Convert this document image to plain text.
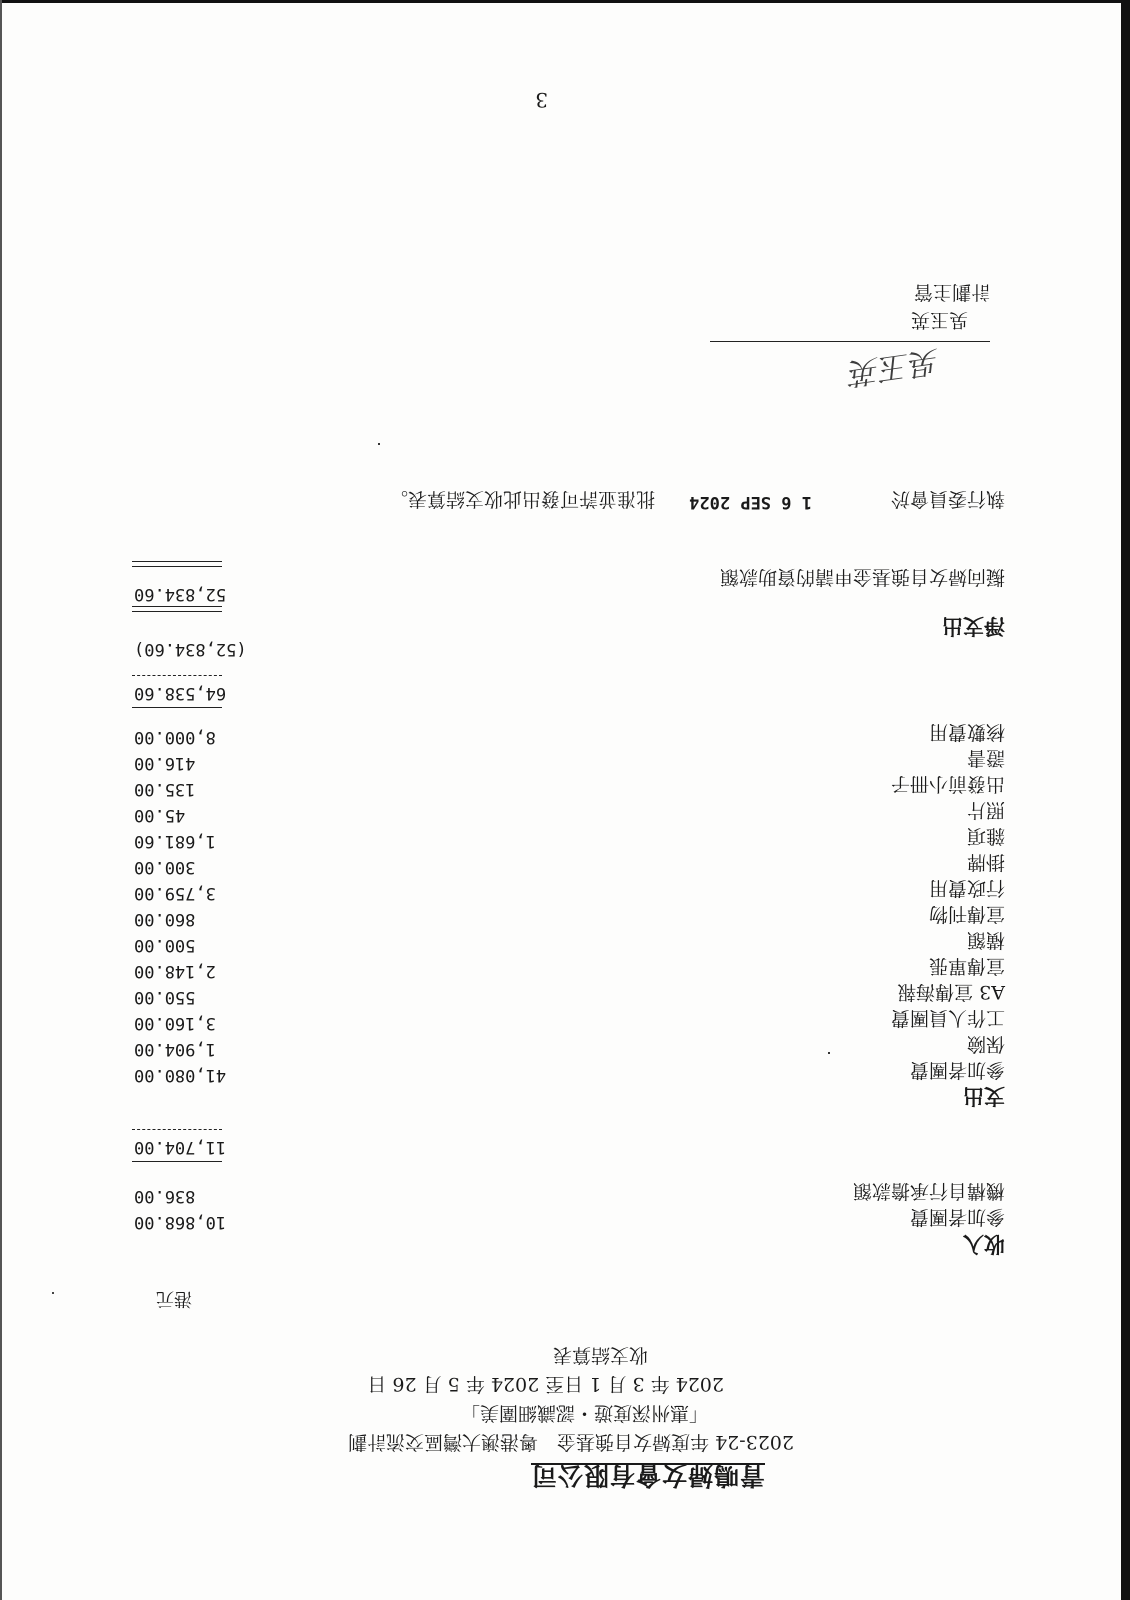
青鳴婦女會有限公司
2023-24 年度婦女自強基金　粵港澳大灣區交流計劃
「惠州深度遊・認識細圍美」
2024 年 3 月 1 日至 2024 年 5 月 26 日
收支結算表
港元
收入
參加者團費
10,868.00
機構自行承擔款額
836.00
11,704.00
支出
參加者團費
41,080.00
保險
1,904.00
工作人員團費
3,160.00
A3 宣傳海報
550.00
宣傳單張
2,148.00
橫額
500.00
宣傳刊物
860.00
行政費用
3,759.00
掛牌
300.00
雜項
1,681.60
照片
45.00
出發前小冊子
135.00
證書
416.00
核數費用
8,000.00
64,538.60
(52,834.60)
淨支出
52,834.60
擬向婦女自強基金申請的資助款額
執行委員會於
1 6 SEP 2024
批准並許可發出此收支結算表。
吳玉英
吳玉英
計劃主管
3
